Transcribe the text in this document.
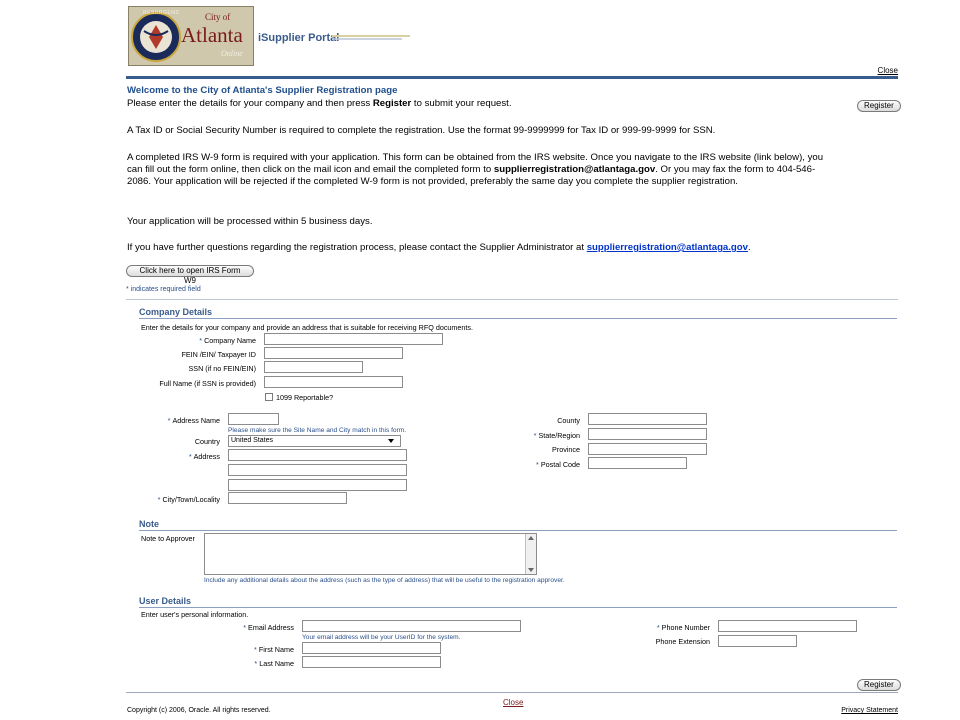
City of
Atlanta
Online
RESURGENS
iSupplier Portal
Close
Welcome to the City of Atlanta's Supplier Registration page
Please enter the details for your company and then press Register to submit your request.	Register
A Tax ID or Social Security Number is required to complete the registration. Use the format 99-9999999 for Tax ID or 999-99-9999 for SSN.
A completed IRS W-9 form is required with your application. This form can be obtained from the IRS website. Once you navigate to the IRS website (link below), you can fill out the form online, then click on the mail icon and email the completed form to supplierregistration@atlantaga.gov. Or you may fax the form to 404-546-2086. Your application will be rejected if the completed W-9 form is not provided, preferably the same day you complete the supplier registration.
Your application will be processed within 5 business days.
If you have further questions regarding the registration process, please contact the Supplier Administrator at supplierregistration@atlantaga.gov.
Click here to open IRS Form W9
* indicates required field
Company Details
Enter the details for your company and provide an address that is suitable for receiving RFQ documents.
* Company Name
FEIN /EIN/ Taxpayer ID
SSN (if no FEIN/EIN)
Full Name (if SSN is provided)
1099 Reportable?
* Address Name
Please make sure the Site Name and City match in this form.
Country	United States
* Address
* City/Town/Locality
County
* State/Region
Province
* Postal Code
Note
Note to Approver
Include any additional details about the address (such as the type of address) that will be useful to the registration approver.
User Details
Enter user's personal information.
* Email Address
Your email address will be your UserID for the system.
* First Name
* Last Name
* Phone Number
Phone Extension
Register
Close
Copyright (c) 2006, Oracle. All rights reserved.	Privacy Statement
